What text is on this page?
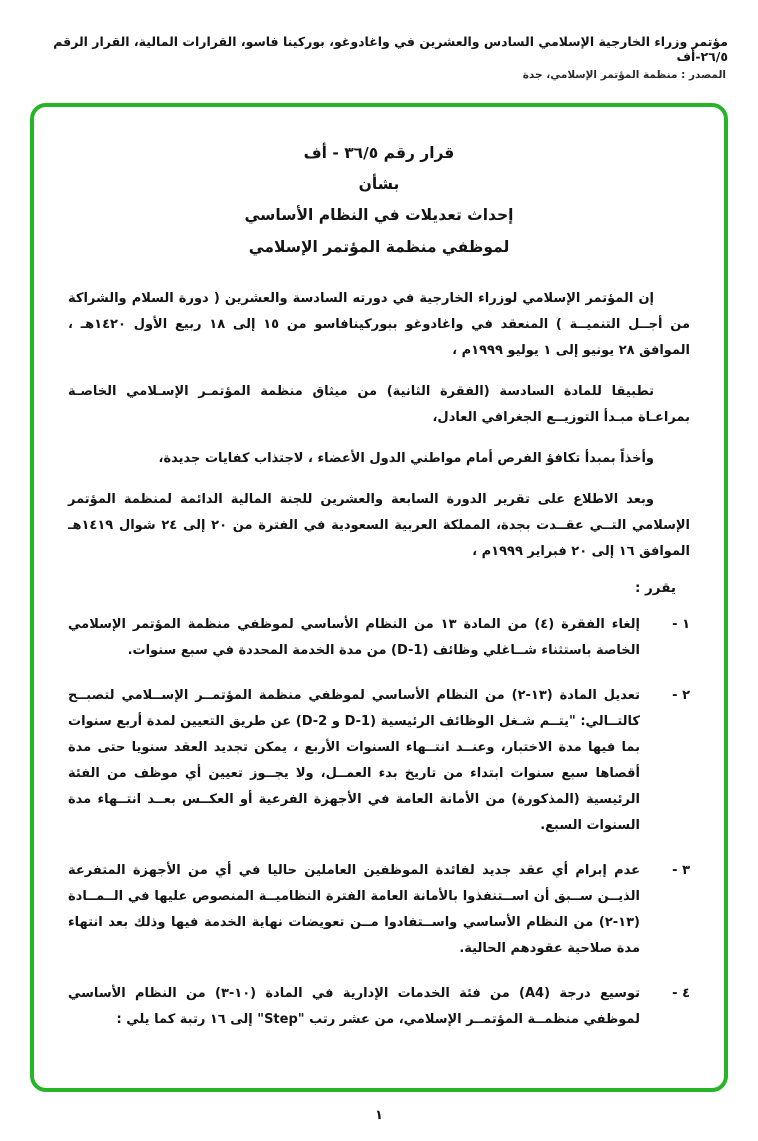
مؤتمر وزراء الخارجية الإسلامي السادس والعشرين في واغادوغو، بوركينا فاسو، القرارات المالية، القرار الرقم ٢٦/٥-أف
المصدر : منظمة المؤتمر الإسلامي، جدة
قرار رقم ٣٦/٥ - أف
بشأن
إحداث تعديلات في النظام الأساسي
لموظفي منظمة المؤتمر الإسلامي

إن المؤتمر الإسلامي لوزراء الخارجية في دورته السادسة والعشرين ( دورة السلام والشراكة من أجــل التنميــة ) المنعقد في واغادوغو ببوركينافاسو من ١٥ إلى ١٨ ربيع الأول ١٤٢٠هـ ، الموافق ٢٨ يونيو إلى ١ يوليو ١٩٩٩م ،

تطبيقا للمادة السادسة (الفقرة الثانية) من ميثاق منظمة المؤتمـر الإسـلامي الخاصـة بمراعـاة مبـدأ التوزيــع الجغرافي العادل،

وأخذاً بمبدأ تكافؤ الفرص أمام مواطني الدول الأعضاء ، لاجتذاب كفايات جديدة،

وبعد الاطلاع على تقرير الدورة السابعة والعشرين للجنة المالية الدائمة لمنظمة المؤتمر الإسلامي التــي عقــدت بجدة، المملكة العربية السعودية في الفترة من ٢٠ إلى ٢٤ شوال ١٤١٩هـ الموافق ١٦ إلى ٢٠ فبراير ١٩٩٩م ،

يقرر :
١ -
إلغاء الفقرة (٤) من المادة ١٣ من النظام الأساسي لموظفي منظمة المؤتمر الإسلامي الخاصة باستثناء شــاغلي وظائف (D-1) من مدة الخدمة المحددة في سبع سنوات.
٢ -
تعديل المادة (١٣-٢) من النظام الأساسي لموظفي منظمة المؤتمــر الإســلامي لتصبــح كالتــالي: "يتــم شـغل الوظائف الرئيسية (D-1 و D-2) عن طريق التعيين لمدة أربع سنوات بما فيها مدة الاختبار، وعنــد انتــهاء السنوات الأربع ، يمكن تجديد العقد سنويا حتى مدة أقصاها سبع سنوات ابتداء من تاريخ بدء العمــل، ولا يجــوز تعيين أي موظف من الفئة الرئيسية (المذكورة) من الأمانة العامة في الأجهزة الفرعية أو العكــس بعــد انتــهاء مدة السنوات السبع.
٣ -
عدم إبرام أي عقد جديد لفائدة الموظفين العاملين حاليا في أي من الأجهزة المتفرعة الذيــن ســبق أن اســتنفذوا بالأمانة العامة الفترة النظاميــة المنصوص عليها في الــمــادة (١٣-٢) من النظام الأساسي واســتفادوا مــن تعويضات نهاية الخدمة فيها وذلك بعد انتهاء مدة صلاحية عقودهم الحالية.
٤ -
توسيع درجة (A4) من فئة الخدمات الإدارية في المادة (١٠-٣) من النظام الأساسي لموظفي منظمــة المؤتمــر الإسلامي، من عشر رتب "Step" إلى ١٦ رتبة كما يلي :
١
